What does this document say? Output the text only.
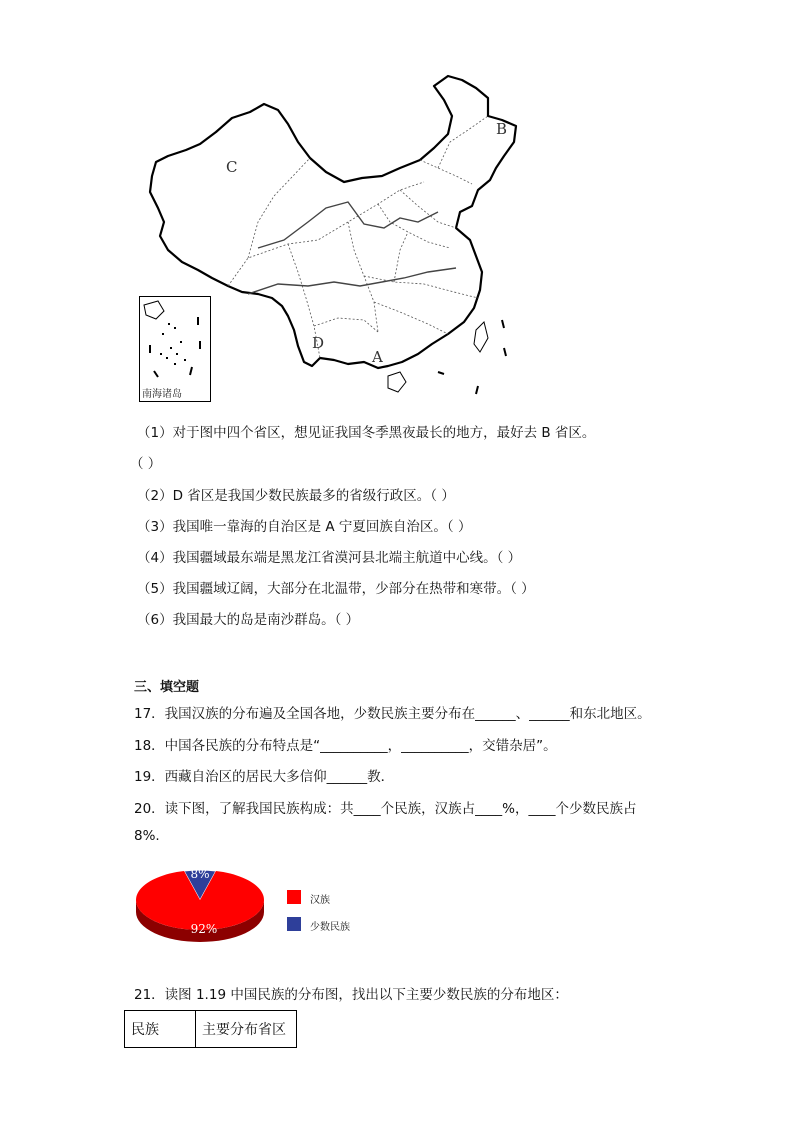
B
C
D
A
南海诸岛
（1）对于图中四个省区，想见证我国冬季黑夜最长的地方，最好去 B 省区。
（ ）
（2）D 省区是我国少数民族最多的省级行政区。（ ）
（3）我国唯一靠海的自治区是 A 宁夏回族自治区。（ ）
（4）我国疆域最东端是黑龙江省漠河县北端主航道中心线。（ ）
（5）我国疆域辽阔，大部分在北温带，少部分在热带和寒带。（ ）
（6）我国最大的岛是南沙群岛。（ ）
三、填空题
17．我国汉族的分布遍及全国各地，少数民族主要分布在______、______和东北地区。
18．中国各民族的分布特点是“__________，__________，交错杂居”。
19．西藏自治区的居民大多信仰______教．
20．读下图，了解我国民族构成：共____个民族，汉族占____%，____个少数民族占
8%.
8%
92%
汉族
少数民族
21．读图 1.19 中国民族的分布图，找出以下主要少数民族的分布地区：
民族	主要分布省区
